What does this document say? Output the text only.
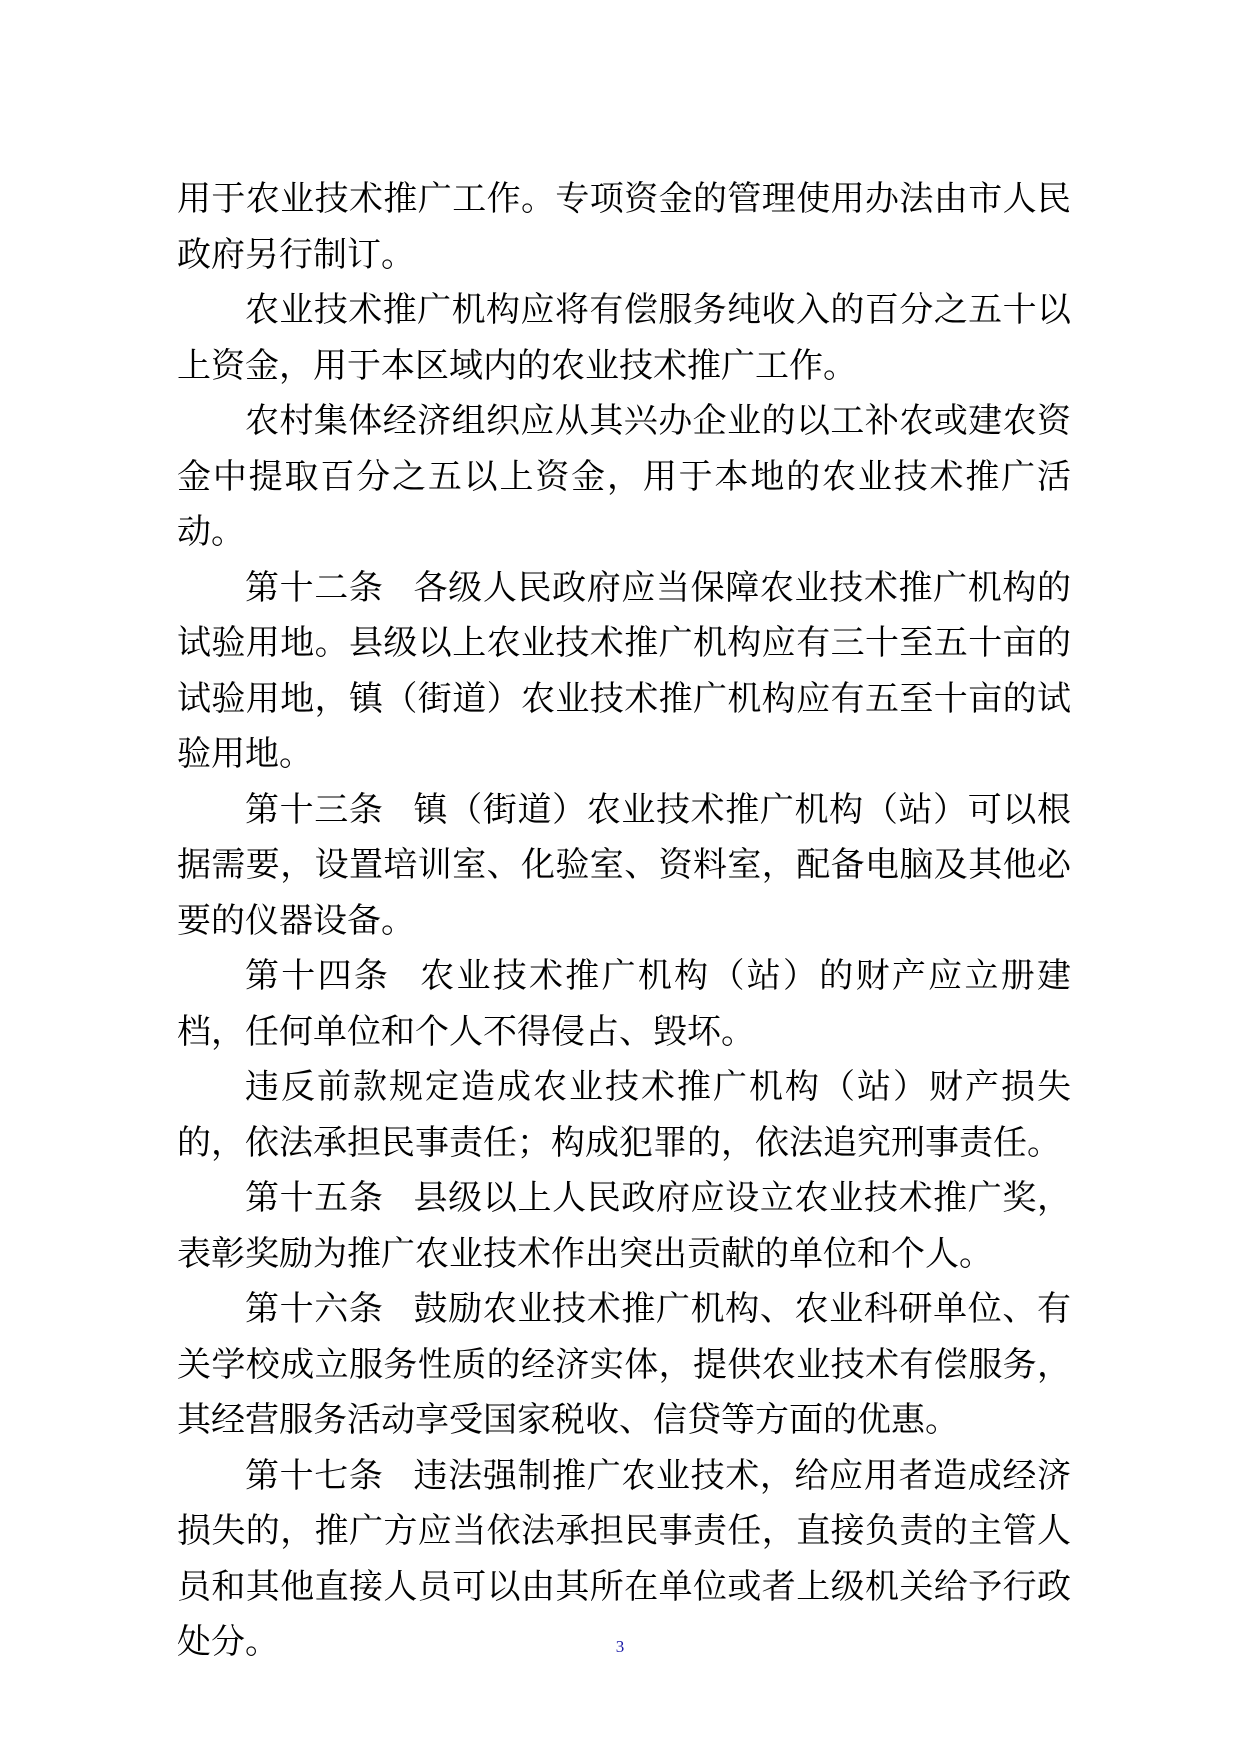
用于农业技术推广工作。专项资金的管理使用办法由市人民政府另行制订。

农业技术推广机构应将有偿服务纯收入的百分之五十以上资金，用于本区域内的农业技术推广工作。

农村集体经济组织应从其兴办企业的以工补农或建农资金中提取百分之五以上资金，用于本地的农业技术推广活动。

第十二条 各级人民政府应当保障农业技术推广机构的试验用地。县级以上农业技术推广机构应有三十至五十亩的试验用地，镇（街道）农业技术推广机构应有五至十亩的试验用地。

第十三条 镇（街道）农业技术推广机构（站）可以根据需要，设置培训室、化验室、资料室，配备电脑及其他必要的仪器设备。

第十四条 农业技术推广机构（站）的财产应立册建档，任何单位和个人不得侵占、毁坏。

违反前款规定造成农业技术推广机构（站）财产损失的，依法承担民事责任；构成犯罪的，依法追究刑事责任。

第十五条 县级以上人民政府应设立农业技术推广奖，表彰奖励为推广农业技术作出突出贡献的单位和个人。

第十六条 鼓励农业技术推广机构、农业科研单位、有关学校成立服务性质的经济实体，提供农业技术有偿服务，其经营服务活动享受国家税收、信贷等方面的优惠。

第十七条 违法强制推广农业技术，给应用者造成经济损失的，推广方应当依法承担民事责任，直接负责的主管人员和其他直接人员可以由其所在单位或者上级机关给予行政处分。	3
